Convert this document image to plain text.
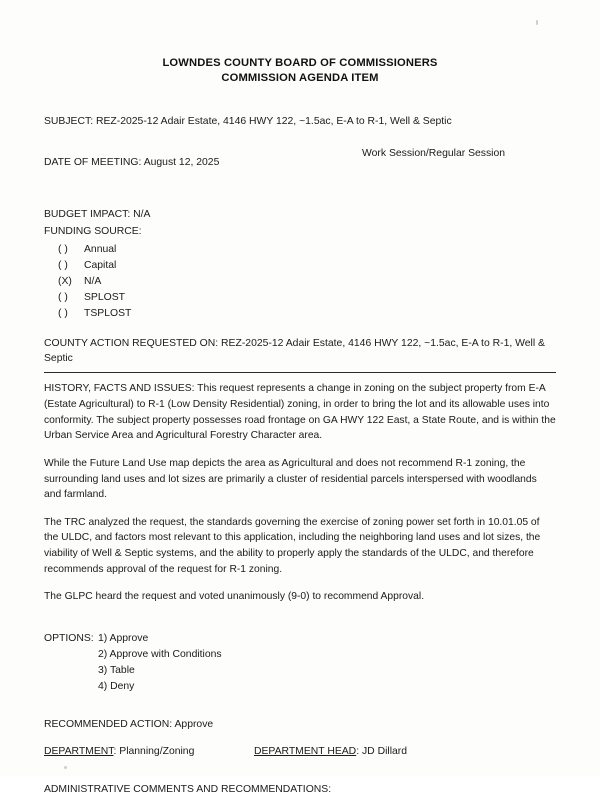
LOWNDES COUNTY BOARD OF COMMISSIONERS
COMMISSION AGENDA ITEM
SUBJECT: REZ-2025-12 Adair Estate, 4146 HWY 122, ~1.5ac, E-A to R-1, Well & Septic
DATE OF MEETING: August 12, 2025
Work Session/Regular Session
BUDGET IMPACT: N/A
FUNDING SOURCE:
( ) Annual
( ) Capital
(X) N/A
( ) SPLOST
( ) TSPLOST
COUNTY ACTION REQUESTED ON: REZ-2025-12 Adair Estate, 4146 HWY 122, ~1.5ac, E-A to R-1, Well & Septic

HISTORY, FACTS AND ISSUES: This request represents a change in zoning on the subject property from E-A (Estate Agricultural) to R-1 (Low Density Residential) zoning, in order to bring the lot and its allowable uses into conformity. The subject property possesses road frontage on GA HWY 122 East, a State Route, and is within the Urban Service Area and Agricultural Forestry Character area.

While the Future Land Use map depicts the area as Agricultural and does not recommend R-1 zoning, the surrounding land uses and lot sizes are primarily a cluster of residential parcels interspersed with woodlands and farmland.

The TRC analyzed the request, the standards governing the exercise of zoning power set forth in 10.01.05 of the ULDC, and factors most relevant to this application, including the neighboring land uses and lot sizes, the viability of Well & Septic systems, and the ability to properly apply the standards of the ULDC, and therefore recommends approval of the request for R-1 zoning.

The GLPC heard the request and voted unanimously (9-0) to recommend Approval.

OPTIONS: 1) Approve
2) Approve with Conditions
3) Table
4) Deny
RECOMMENDED ACTION: Approve
DEPARTMENT: Planning/Zoning	DEPARTMENT HEAD: JD Dillard
ADMINISTRATIVE COMMENTS AND RECOMMENDATIONS:
